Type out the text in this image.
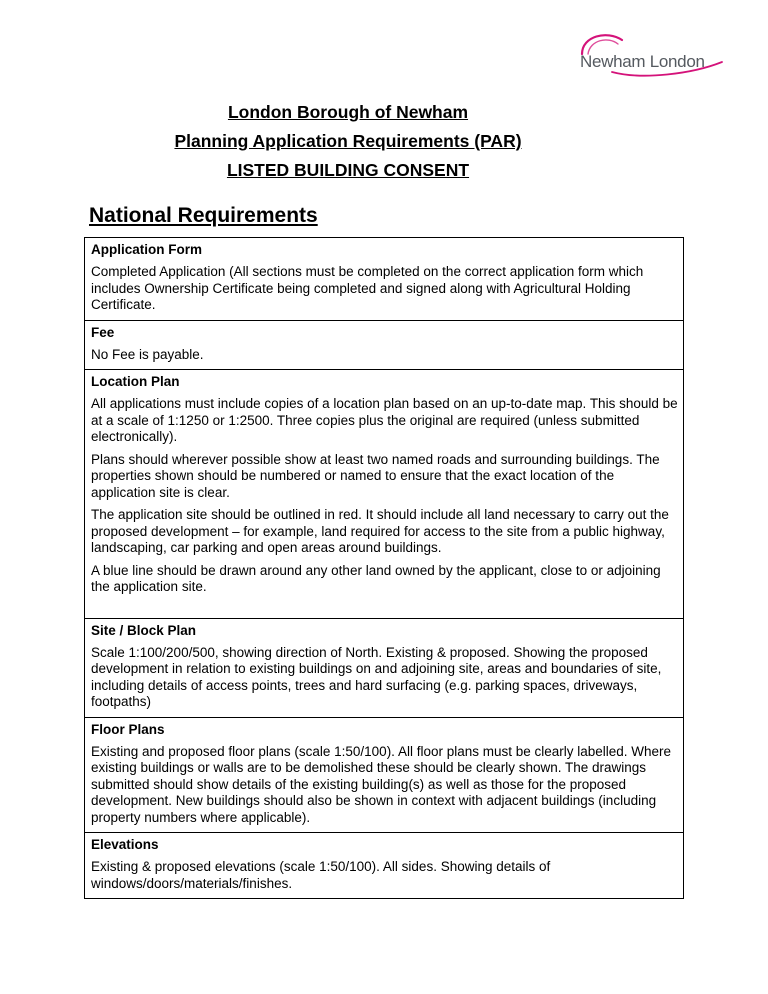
Newham London
London Borough of Newham
Planning Application Requirements (PAR)
LISTED BUILDING CONSENT
National Requirements

Application Form

Completed Application (All sections must be completed on the correct application form which includes Ownership Certificate being completed and signed along with Agricultural Holding Certificate.

Fee

No Fee is payable.

Location Plan

All applications must include copies of a location plan based on an up-to-date map. This should be at a scale of 1:1250 or 1:2500. Three copies plus the original are required (unless submitted electronically).

Plans should wherever possible show at least two named roads and surrounding buildings. The properties shown should be numbered or named to ensure that the exact location of the application site is clear.

The application site should be outlined in red. It should include all land necessary to carry out the proposed development – for example, land required for access to the site from a public highway, landscaping, car parking and open areas around buildings.

A blue line should be drawn around any other land owned by the applicant, close to or adjoining the application site.

Site / Block Plan

Scale 1:100/200/500, showing direction of North. Existing & proposed. Showing the proposed development in relation to existing buildings on and adjoining site, areas and boundaries of site, including details of access points, trees and hard surfacing (e.g. parking spaces, driveways, footpaths)

Floor Plans

Existing and proposed floor plans (scale 1:50/100). All floor plans must be clearly labelled. Where existing buildings or walls are to be demolished these should be clearly shown. The drawings submitted should show details of the existing building(s) as well as those for the proposed development. New buildings should also be shown in context with adjacent buildings (including property numbers where applicable).

Elevations

Existing & proposed elevations (scale 1:50/100). All sides. Showing details of windows/doors/materials/finishes.
